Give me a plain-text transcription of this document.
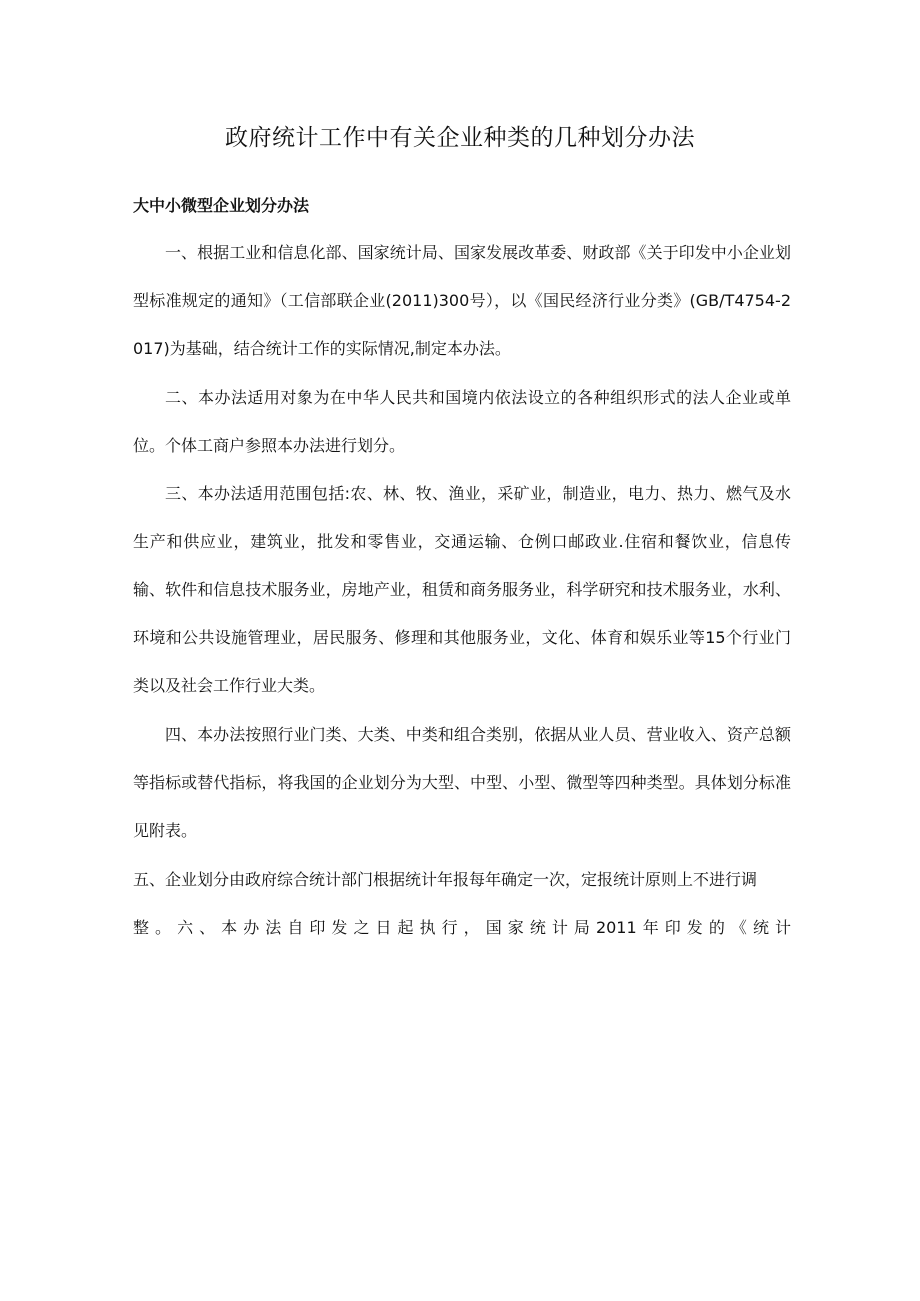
政府统计工作中有关企业种类的几种划分办法
大中小微型企业划分办法

一、根据工业和信息化部、国家统计局、国家发展改革委、财政部《关于印发中小企业划型标准规定的通知》（工信部联企业(2011)300号），以《国民经济行业分类》(GB/T4754-2017)为基础，结合统计工作的实际情况,制定本办法。

二、本办法适用对象为在中华人民共和国境内依法设立的各种组织形式的法人企业或单位。个体工商户参照本办法进行划分。

三、本办法适用范围包括:农、林、牧、渔业，采矿业，制造业，电力、热力、燃气及水生产和供应业，建筑业，批发和零售业，交通运输、仓例口邮政业.住宿和餐饮业，信息传输、软件和信息技术服务业，房地产业，租赁和商务服务业，科学研究和技术服务业，水利、环境和公共设施管理业，居民服务、修理和其他服务业，文化、体育和娱乐业等15个行业门类以及社会工作行业大类。

四、本办法按照行业门类、大类、中类和组合类别，依据从业人员、营业收入、资产总额等指标或替代指标，将我国的企业划分为大型、中型、小型、微型等四种类型。具体划分标准见附表。

五、企业划分由政府综合统计部门根据统计年报每年确定一次，定报统计原则上不进行调
整。六、本办法自印发之日起执行，国家统计局2011年印发的《统计
